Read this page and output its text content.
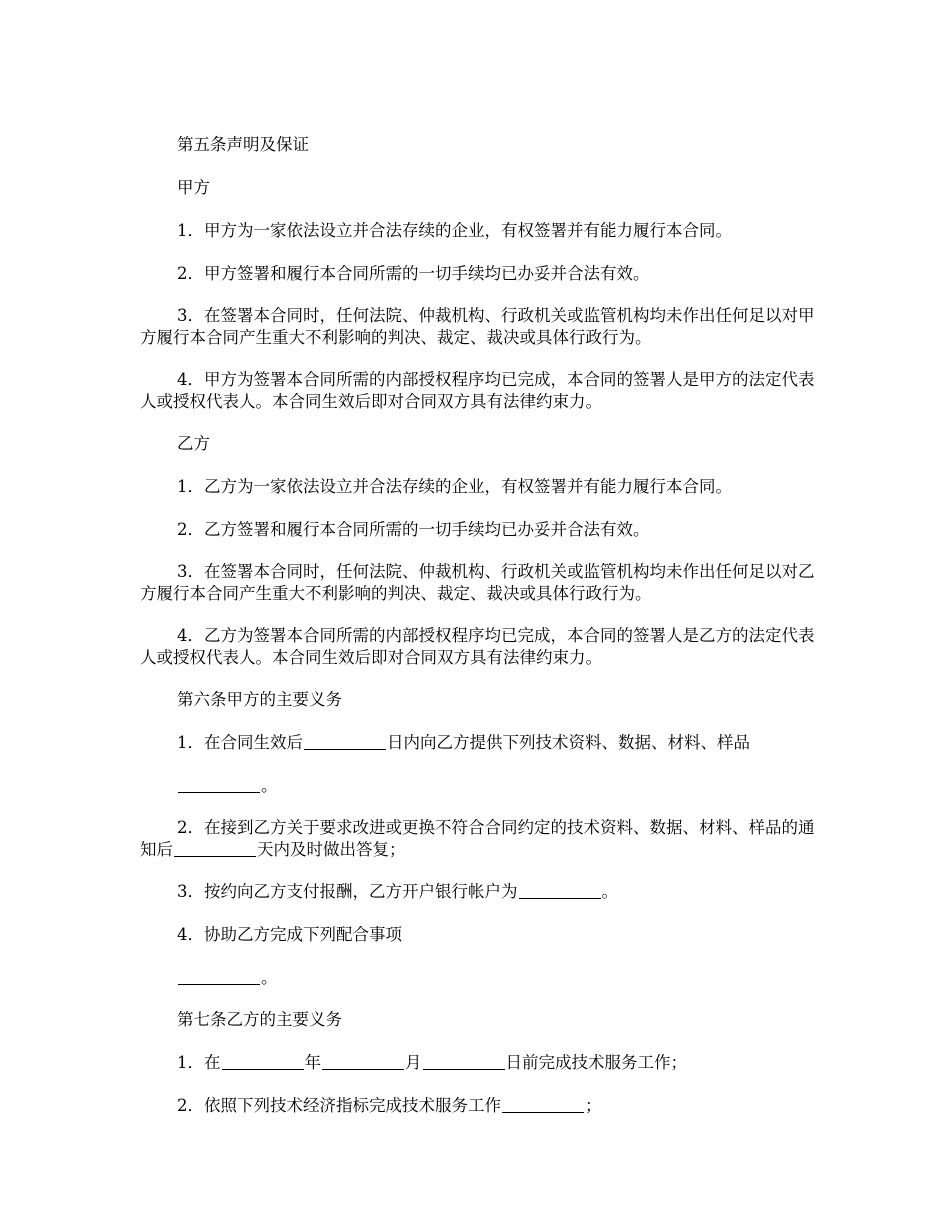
第五条声明及保证
甲方
1．甲方为一家依法设立并合法存续的企业，有权签署并有能力履行本合同。
2．甲方签署和履行本合同所需的一切手续均已办妥并合法有效。
3．在签署本合同时，任何法院、仲裁机构、行政机关或监管机构均未作出任何足以对甲方履行本合同产生重大不利影响的判决、裁定、裁决或具体行政行为。
4．甲方为签署本合同所需的内部授权程序均已完成，本合同的签署人是甲方的法定代表人或授权代表人。本合同生效后即对合同双方具有法律约束力。
乙方
1．乙方为一家依法设立并合法存续的企业，有权签署并有能力履行本合同。
2．乙方签署和履行本合同所需的一切手续均已办妥并合法有效。
3．在签署本合同时，任何法院、仲裁机构、行政机关或监管机构均未作出任何足以对乙方履行本合同产生重大不利影响的判决、裁定、裁决或具体行政行为。
4．乙方为签署本合同所需的内部授权程序均已完成，本合同的签署人是乙方的法定代表人或授权代表人。本合同生效后即对合同双方具有法律约束力。
第六条甲方的主要义务
1．在合同生效后	日内向乙方提供下列技术资料、数据、材料、样品
。
2．在接到乙方关于要求改进或更换不符合合同约定的技术资料、数据、材料、样品的通知后	天内及时做出答复；
3．按约向乙方支付报酬，乙方开户银行帐户为	。
4．协助乙方完成下列配合事项
。
第七条乙方的主要义务
1．在	年	月	日前完成技术服务工作；
2．依照下列技术经济指标完成技术服务工作	；
